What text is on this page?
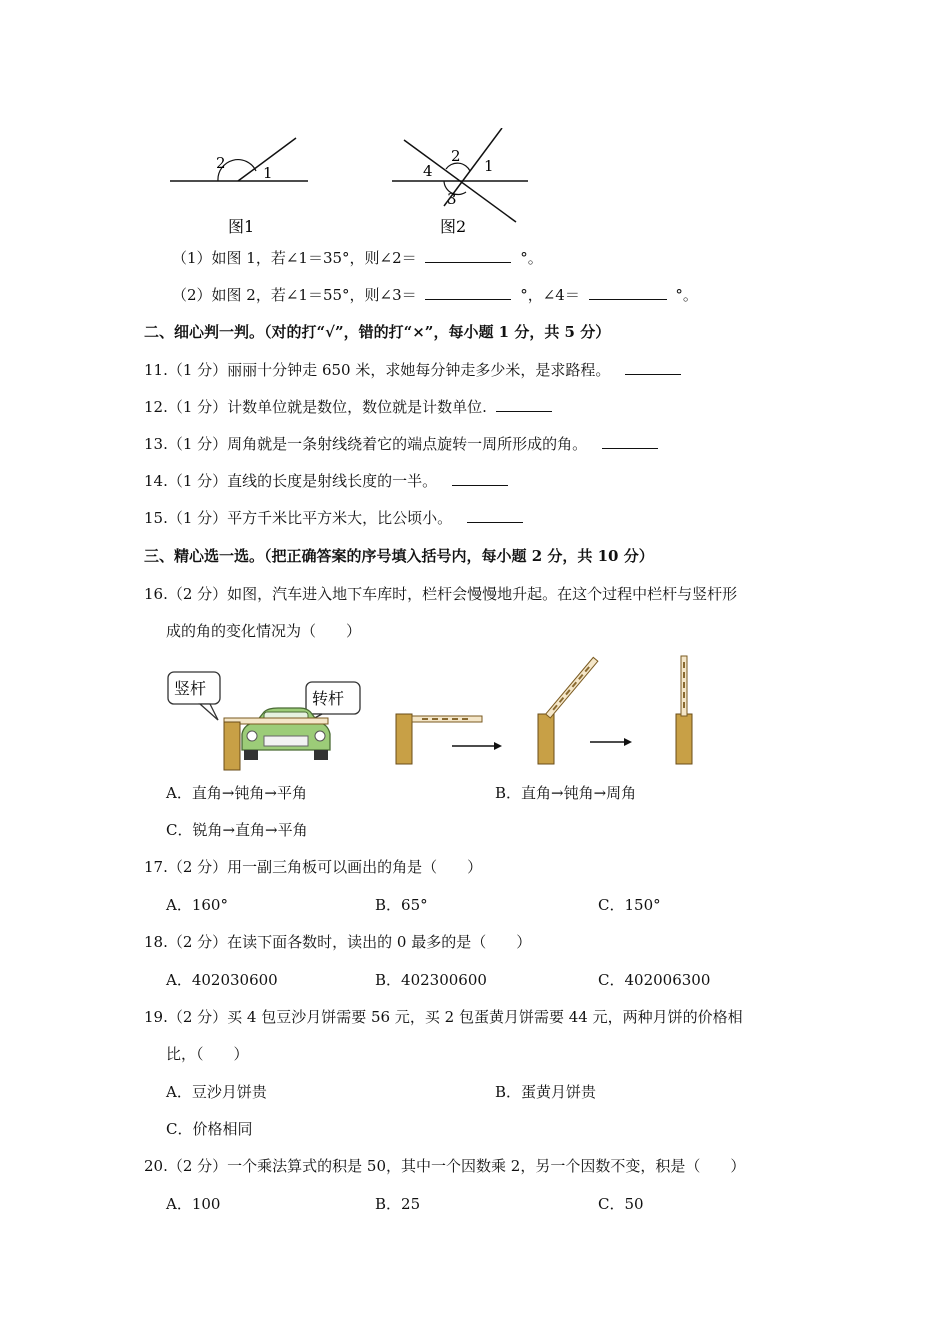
2
1
图1
4
2
1
3
图2
（1）如图 1，若∠1＝35°，则∠2＝	°。
（2）如图 2，若∠1＝55°，则∠3＝	°，∠4＝	°。
二、细心判一判。（对的打“√”，错的打“×”，每小题 1 分，共 5 分）
11.（1 分）丽丽十分钟走 650 米，求她每分钟走多少米，是求路程。
12.（1 分）计数单位就是数位，数位就是计数单位.
13.（1 分）周角就是一条射线绕着它的端点旋转一周所形成的角。
14.（1 分）直线的长度是射线长度的一半。
15.（1 分）平方千米比平方米大，比公顷小。
三、精心选一选。（把正确答案的序号填入括号内，每小题 2 分，共 10 分）
16.（2 分）如图，汽车进入地下车库时，栏杆会慢慢地升起。在这个过程中栏杆与竖杆形
成的角的变化情况为（　　）
竖杆
转杆
A．直角→钝角→平角	B．直角→钝角→周角
C．锐角→直角→平角
17.（2 分）用一副三角板可以画出的角是（　　）
A．160°	B．65°	C．150°
18.（2 分）在读下面各数时，读出的 0 最多的是（　　）
A．402030600	B．402300600	C．402006300
19.（2 分）买 4 包豆沙月饼需要 56 元，买 2 包蛋黄月饼需要 44 元，两种月饼的价格相
比，（　　）
A．豆沙月饼贵	B．蛋黄月饼贵
C．价格相同
20.（2 分）一个乘法算式的积是 50，其中一个因数乘 2，另一个因数不变，积是（　　）
A．100	B．25	C．50
